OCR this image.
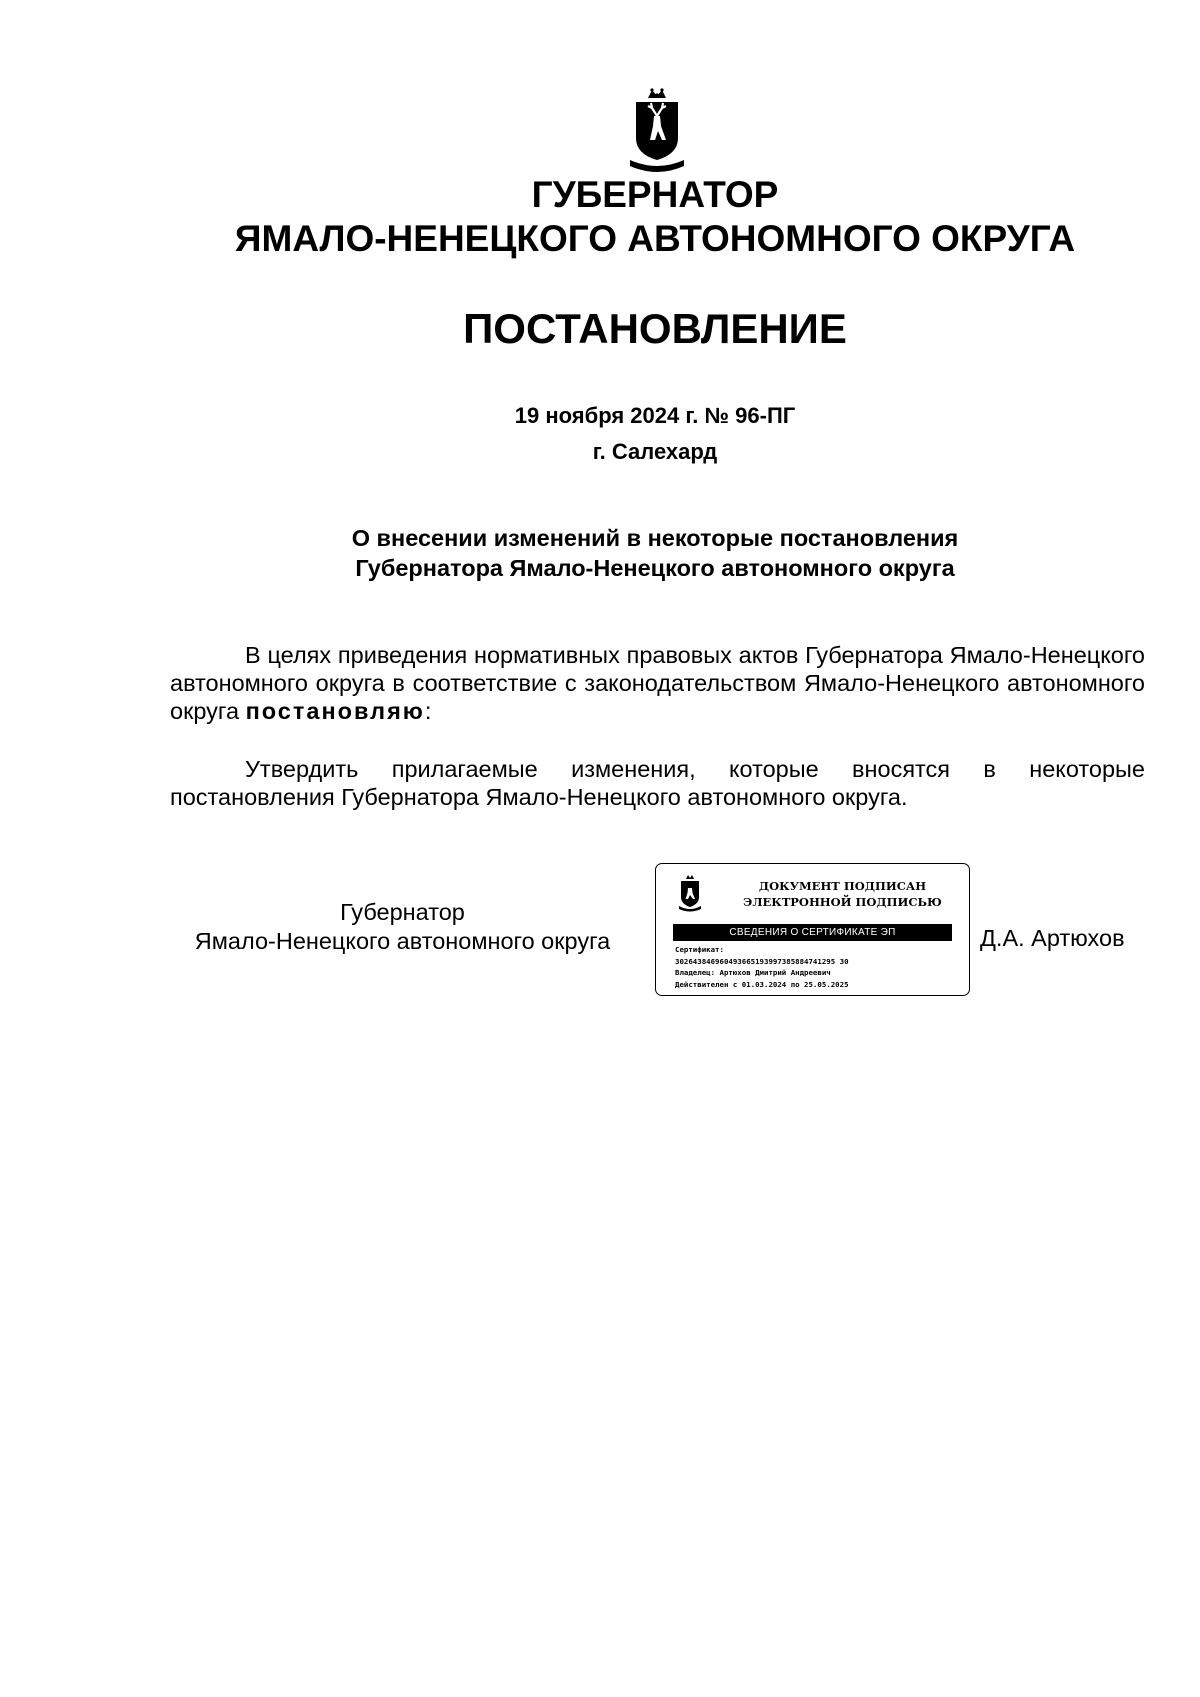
ГУБЕРНАТОР
ЯМАЛО-НЕНЕЦКОГО АВТОНОМНОГО ОКРУГА
ПОСТАНОВЛЕНИЕ
19 ноября 2024 г. № 96-ПГ
г. Салехард
О внесении изменений в некоторые постановления
Губернатора Ямало-Ненецкого автономного округа
В целях приведения нормативных правовых актов Губернатора Ямало-Ненецкого автономного округа в соответствие с законодательством Ямало-Ненецкого автономного округа постановляю:
Утвердить прилагаемые изменения, которые вносятся в некоторые постановления Губернатора Ямало-Ненецкого автономного округа.
Губернатор
Ямало-Ненецкого автономного округа
ДОКУМЕНТ ПОДПИСАН
ЭЛЕКТРОННОЙ ПОДПИСЬЮ
СВЕДЕНИЯ О СЕРТИФИКАТЕ ЭП
Сертификат:
302643846960493665193997385884741295 30
Владелец: Артюхов Дмитрий Андреевич
Действителен с 01.03.2024 по 25.05.2025
Д.А. Артюхов
